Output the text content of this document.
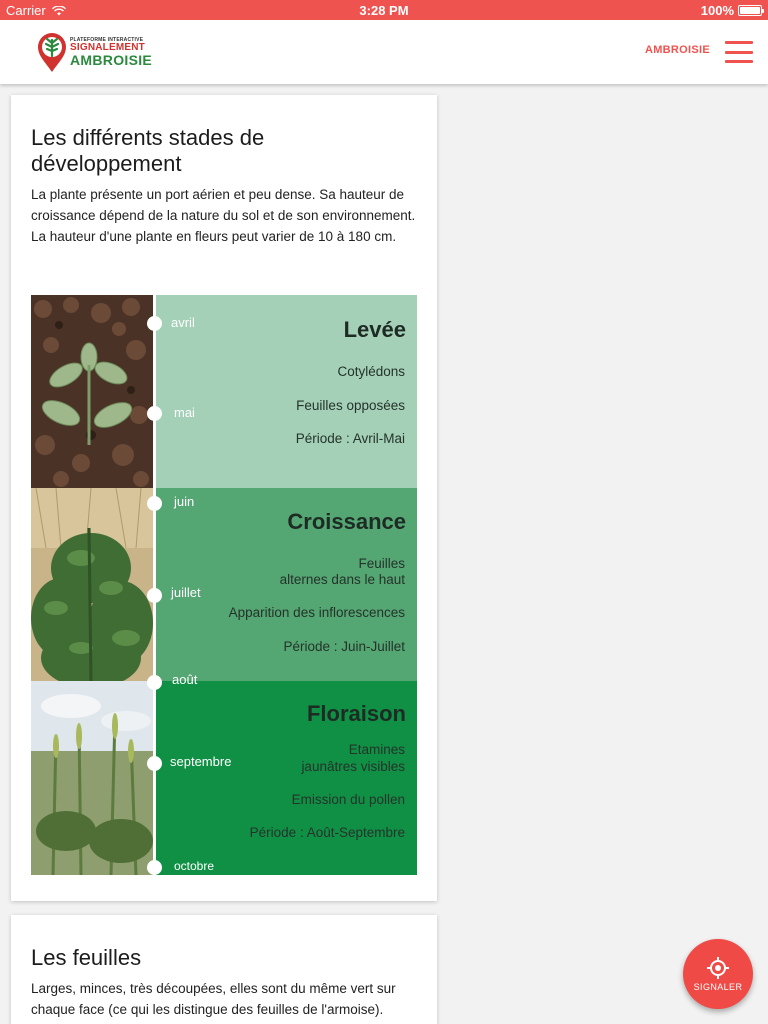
Carrier	3:28 PM	100%
PLATEFORME INTERACTIVE
SIGNALEMENT
AMBROISIE
AMBROISIE
Les différents stades de développement

La plante présente un port aérien et peu dense. Sa hauteur de croissance dépend de la nature du sol et de son environnement. La hauteur d'une plante en fleurs peut varier de 10 à 180 cm.

Levée
Cotylédons
Feuilles opposées
Période : Avril-Mai
Croissance
Feuilles
alternes dans le haut
Apparition des inflorescences
Période : Juin-Juillet
Floraison
Etamines
jaunâtres visibles
Emission du pollen
Période : Août-Septembre
avril
mai
juin
juillet
août
septembre
octobre
Les feuilles

Larges, minces, très découpées, elles sont du même vert sur chaque face (ce qui les distingue des feuilles de l'armoise).

SIGNALER
